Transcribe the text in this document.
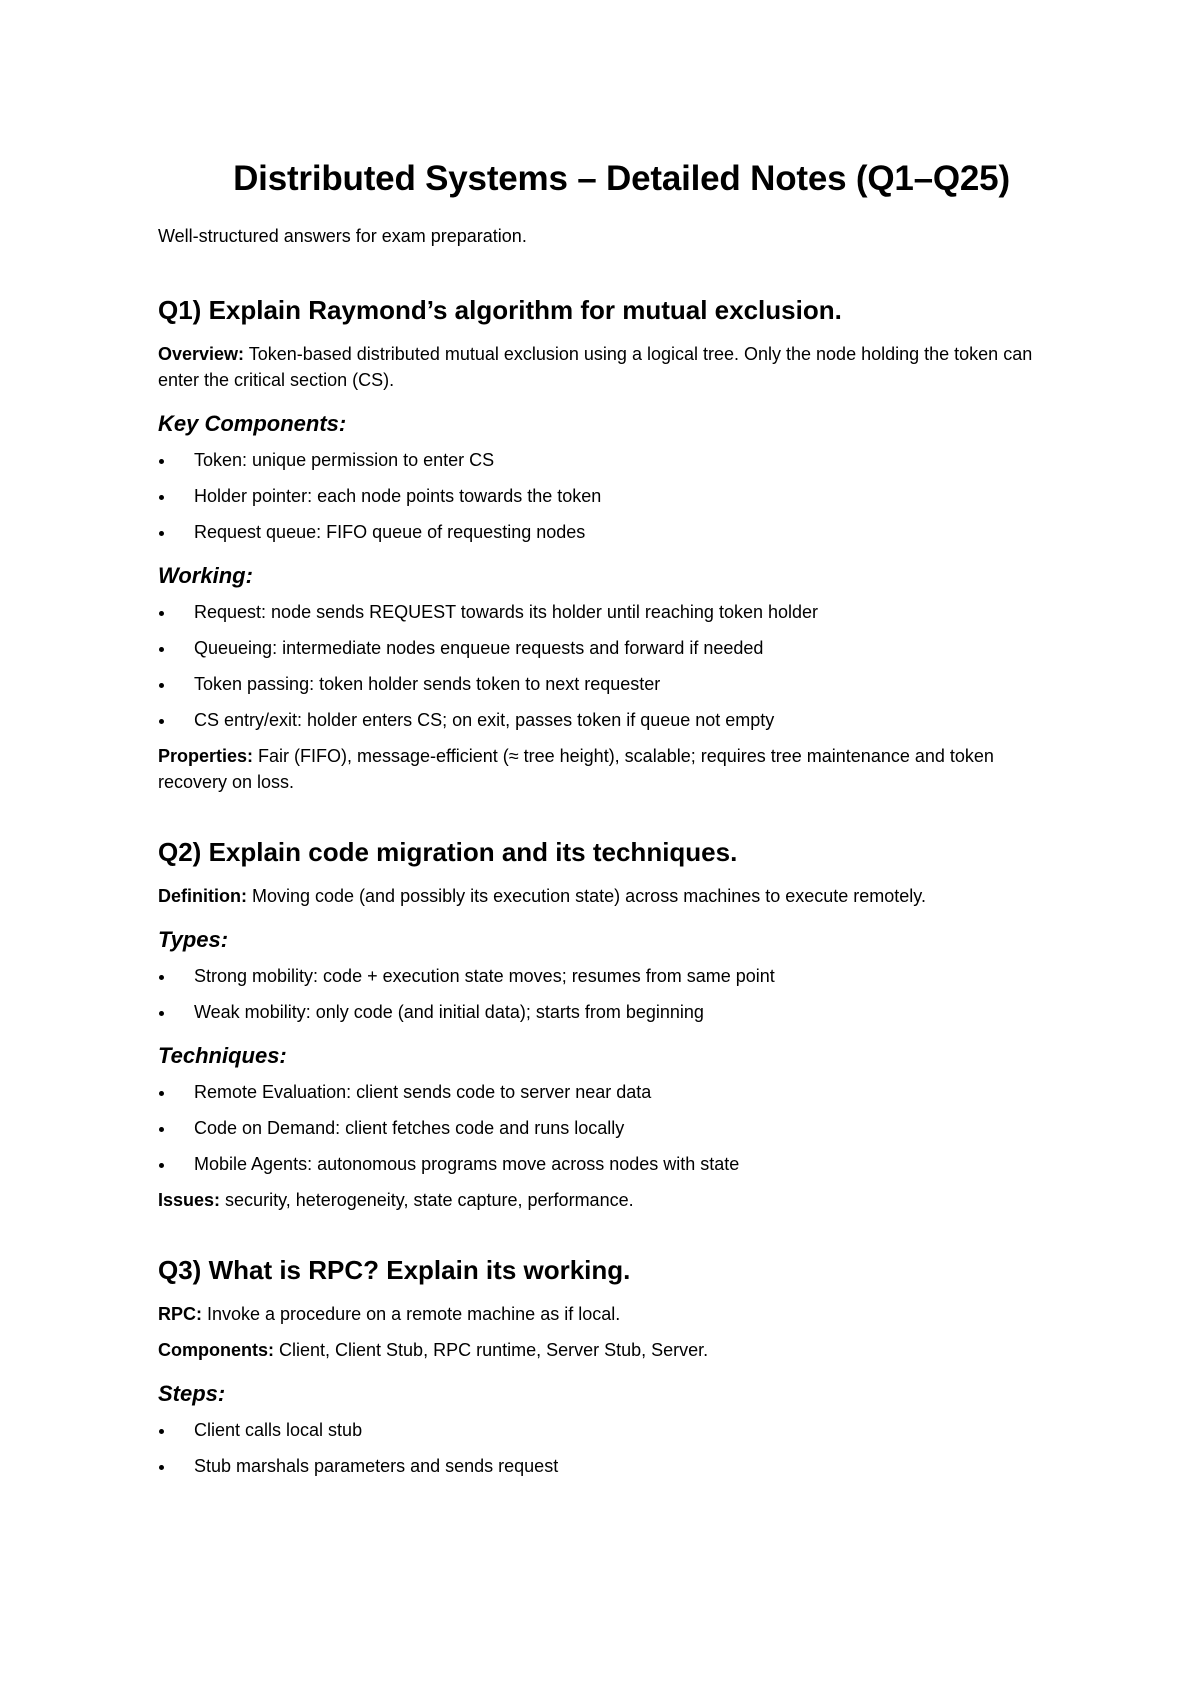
Distributed Systems – Detailed Notes (Q1–Q25)

Well-structured answers for exam preparation.

Q1) Explain Raymond’s algorithm for mutual exclusion.

Overview: Token-based distributed mutual exclusion using a logical tree. Only the node holding the token can enter the critical section (CS).

Key Components:
Token: unique permission to enter CS
Holder pointer: each node points towards the token
Request queue: FIFO queue of requesting nodes
Working:
Request: node sends REQUEST towards its holder until reaching token holder
Queueing: intermediate nodes enqueue requests and forward if needed
Token passing: token holder sends token to next requester
CS entry/exit: holder enters CS; on exit, passes token if queue not empty

Properties: Fair (FIFO), message-efficient (≈ tree height), scalable; requires tree maintenance and token recovery on loss.

Q2) Explain code migration and its techniques.

Definition: Moving code (and possibly its execution state) across machines to execute remotely.

Types:
Strong mobility: code + execution state moves; resumes from same point
Weak mobility: only code (and initial data); starts from beginning
Techniques:
Remote Evaluation: client sends code to server near data
Code on Demand: client fetches code and runs locally
Mobile Agents: autonomous programs move across nodes with state

Issues: security, heterogeneity, state capture, performance.

Q3) What is RPC? Explain its working.

RPC: Invoke a procedure on a remote machine as if local.

Components: Client, Client Stub, RPC runtime, Server Stub, Server.

Steps:
Client calls local stub
Stub marshals parameters and sends request
